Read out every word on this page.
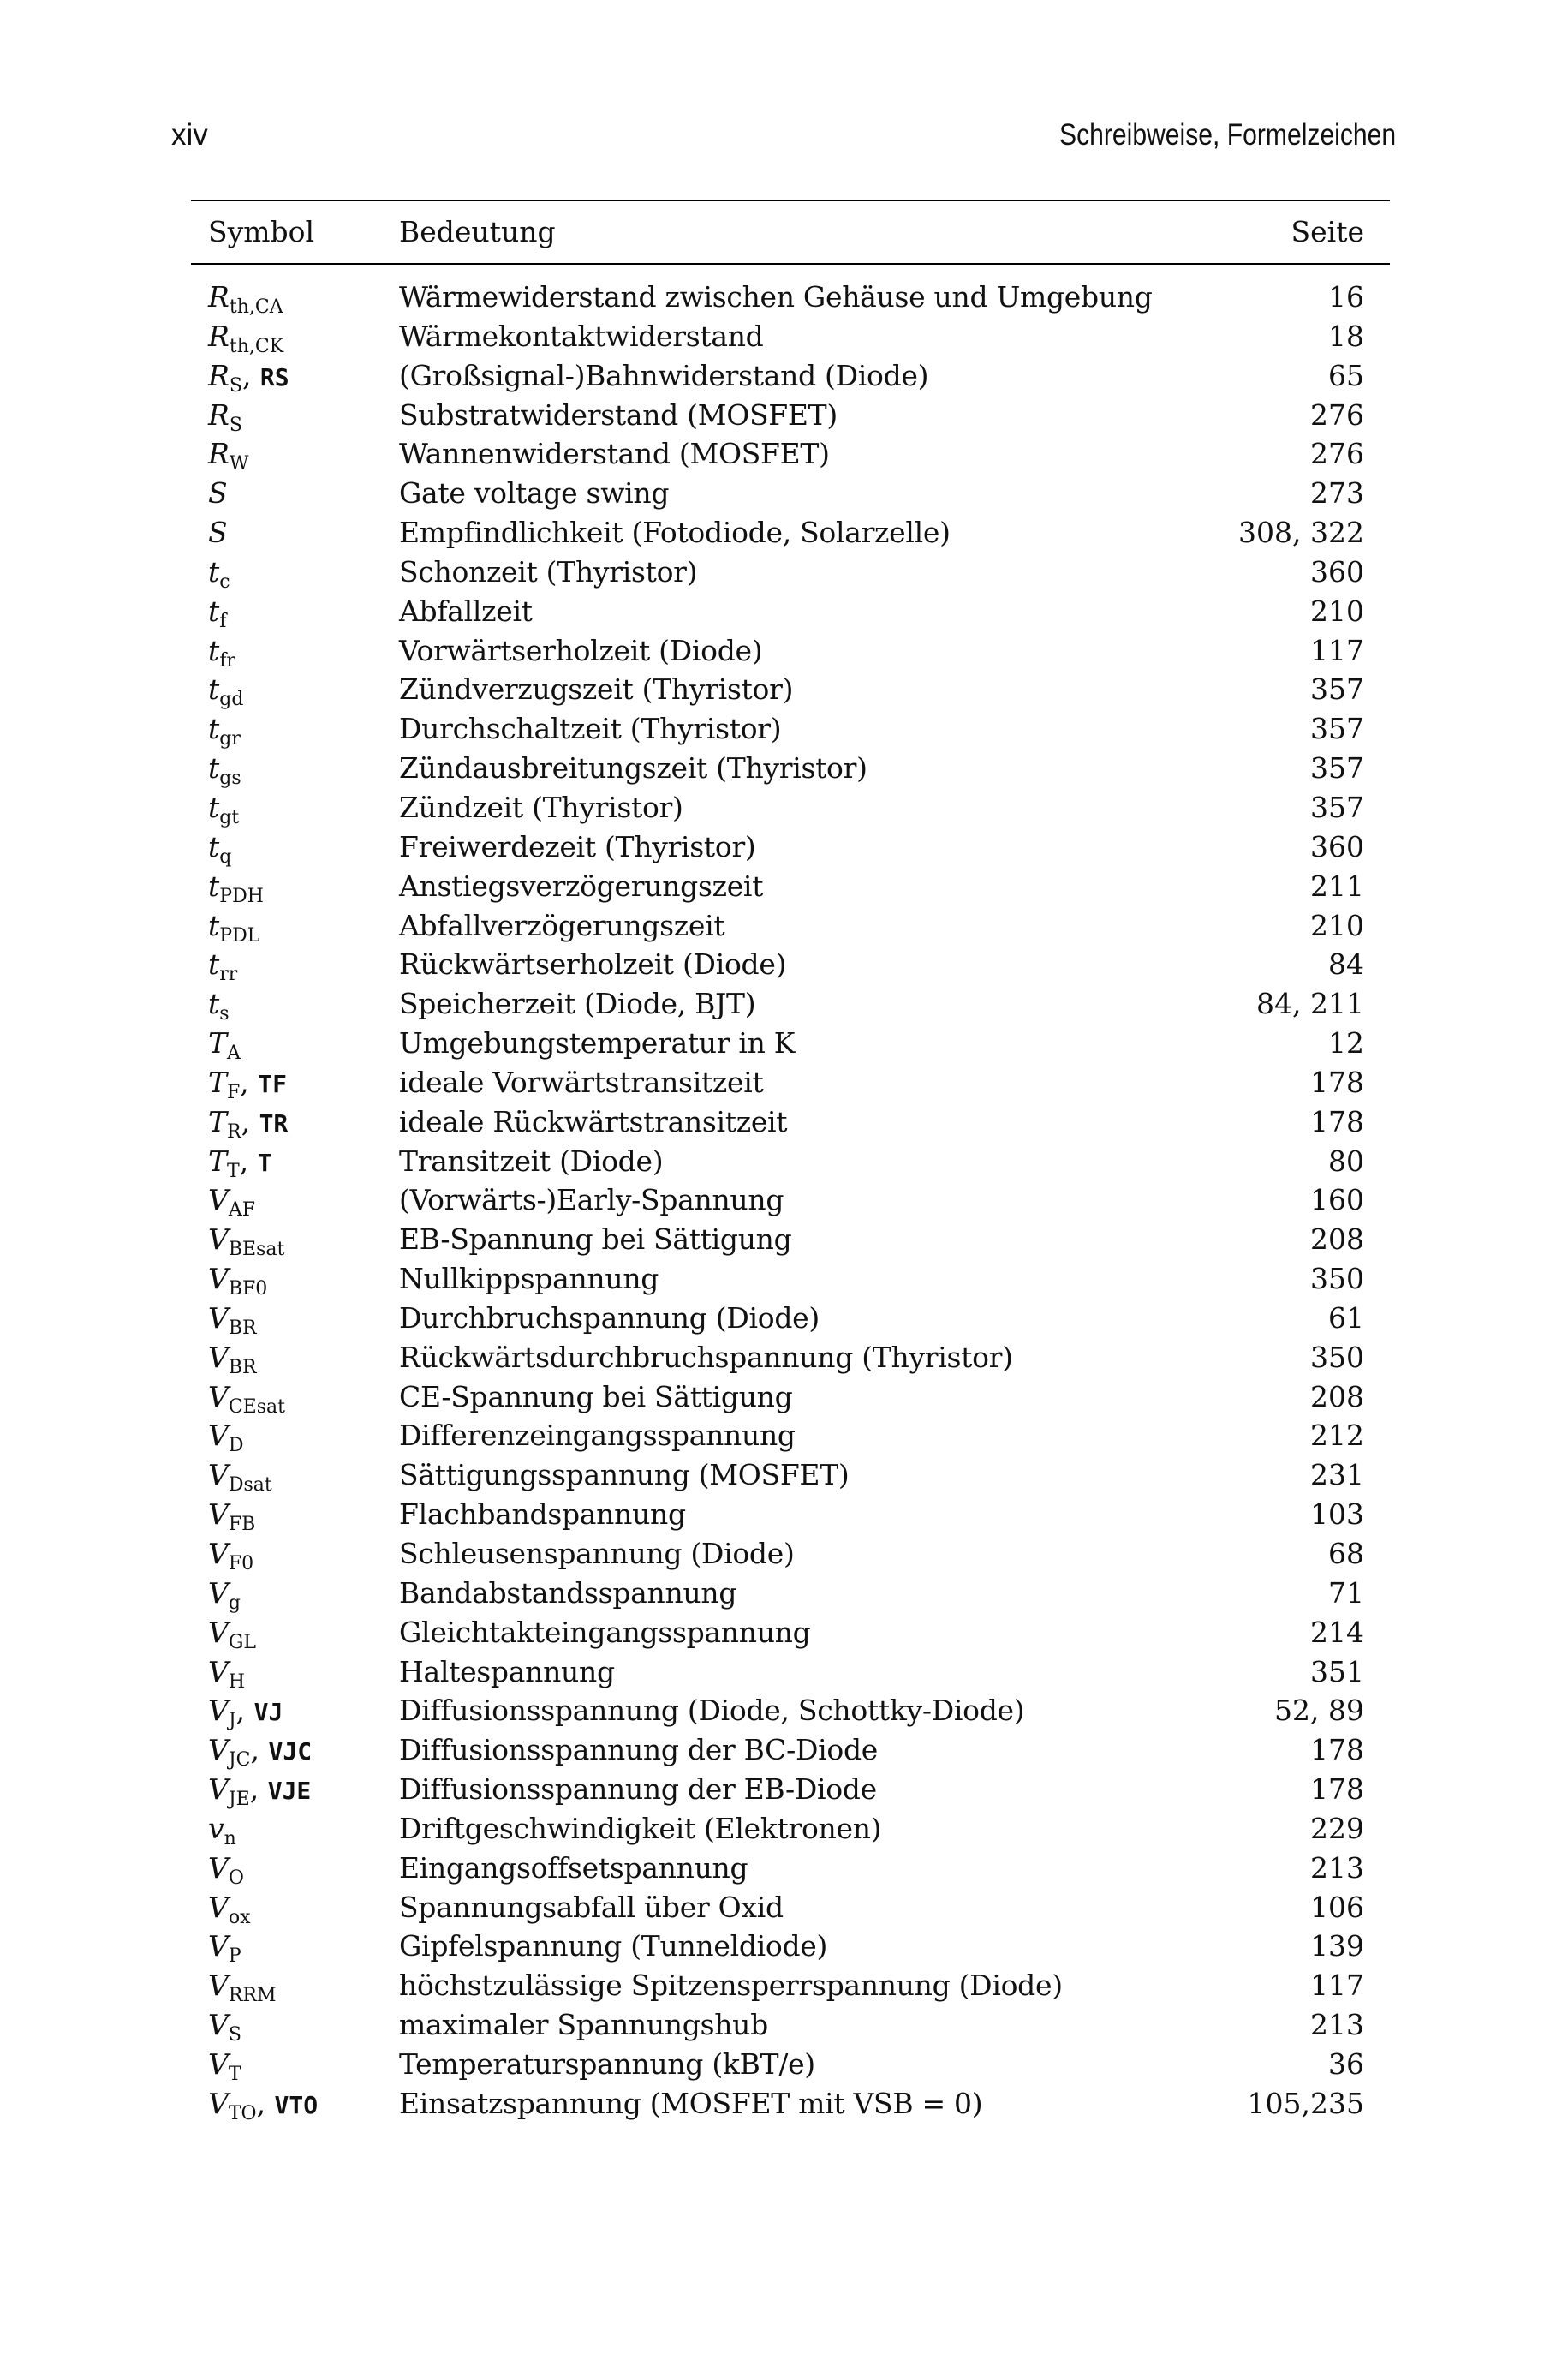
xiv	Schreibweise, Formelzeichen
Symbol	Bedeutung	Seite
$R_{th,CA}$	Wärmewiderstand zwischen Gehäuse und Umgebung	16
$R_{th,CK}$	Wärmekontaktwiderstand	18
$R_S$, RS	(Großsignal-)Bahnwiderstand (Diode)	65
$R_S$	Substratwiderstand (MOSFET)	276
$R_W$	Wannenwiderstand (MOSFET)	276
S	Gate voltage swing	273
S	Empfindlichkeit (Fotodiode, Solarzelle)	308, 322
$t_c$	Schonzeit (Thyristor)	360
$t_f$	Abfallzeit	210
$t_{fr}$	Vorwärtserholzeit (Diode)	117
$t_{gd}$	Zündverzugszeit (Thyristor)	357
$t_{gr}$	Durchschaltzeit (Thyristor)	357
$t_{gs}$	Zündausbreitungszeit (Thyristor)	357
$t_{gt}$	Zündzeit (Thyristor)	357
$t_q$	Freiwerdezeit (Thyristor)	360
$t_{PDH}$	Anstiegsverzögerungszeit	211
$t_{PDL}$	Abfallverzögerungszeit	210
$t_{rr}$	Rückwärtserholzeit (Diode)	84
$t_s$	Speicherzeit (Diode, BJT)	84, 211
$T_A$	Umgebungstemperatur in K	12
$T_F$, TF	ideale Vorwärtstransitzeit	178
$T_R$, TR	ideale Rückwärtstransitzeit	178
$T_T$, T	Transitzeit (Diode)	80
$V_{AF}$	(Vorwärts-)Early-Spannung	160
$V_{BEsat}$	EB-Spannung bei Sättigung	208
$V_{BF0}$	Nullkippspannung	350
$V_{BR}$	Durchbruchspannung (Diode)	61
$V_{BR}$	Rückwärtsdurchbruchspannung (Thyristor)	350
$V_{CEsat}$	CE-Spannung bei Sättigung	208
$V_D$	Differenzeingangsspannung	212
$V_{Dsat}$	Sättigungsspannung (MOSFET)	231
$V_{FB}$	Flachbandspannung	103
$V_{F0}$	Schleusenspannung (Diode)	68
$V_g$	Bandabstandsspannung	71
$V_{GL}$	Gleichtakteingangsspannung	214
$V_H$	Haltespannung	351
$V_J$, VJ	Diffusionsspannung (Diode, Schottky-Diode)	52, 89
$V_{JC}$, VJC	Diffusionsspannung der BC-Diode	178
$V_{JE}$, VJE	Diffusionsspannung der EB-Diode	178
$v_n$	Driftgeschwindigkeit (Elektronen)	229
$V_O$	Eingangsoffsetspannung	213
$V_{ox}$	Spannungsabfall über Oxid	106
$V_P$	Gipfelspannung (Tunneldiode)	139
$V_{RRM}$	höchstzulässige Spitzensperrspannung (Diode)	117
$V_S$	maximaler Spannungshub	213
$V_T$	Temperaturspannung (kBT/e)	36
$V_{TO}$, VTO	Einsatzspannung (MOSFET mit VSB = 0)	105,235
